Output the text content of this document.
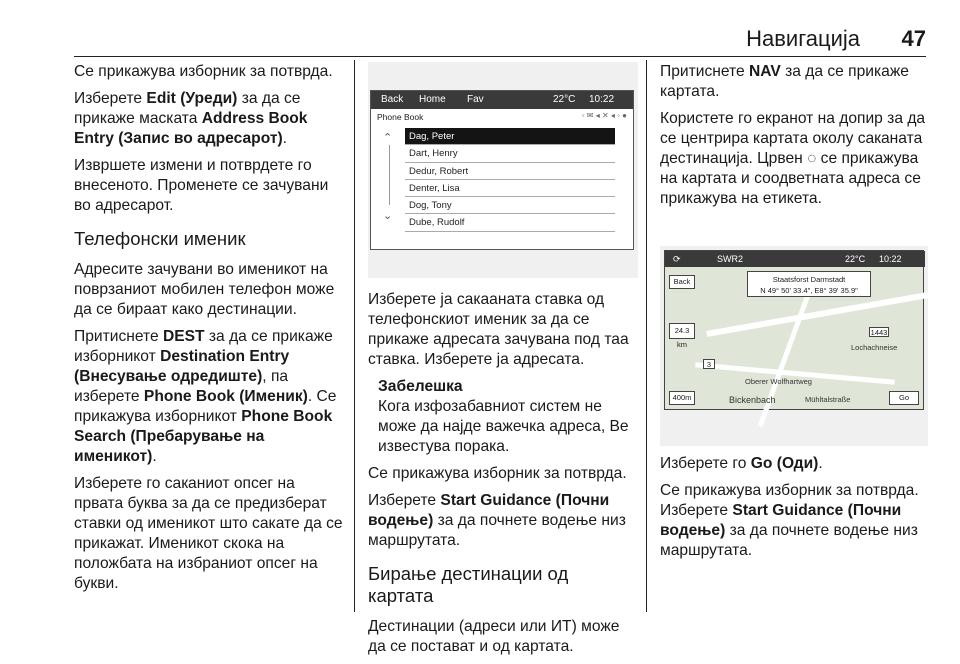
Навигација 47

Се прикажува изборник за потврда.

Изберете Edit (Уреди) за да се прикаже маската Address Book Entry (Запис во адресарот).

Извршете измени и потврдете го внесеното. Променете се зачувани во адресарот.

Телефонски именик

Адресите зачувани во именикот на поврзаниот мобилен телефон може да се бираат како дестинации.

Притиснете DEST за да се прикаже изборникот Destination Entry (Внесување одредиште), па изберете Phone Book (Именик). Се прикажува изборникот Phone Book Search (Пребарување на именикот).

Изберете го сакaниот опсег на првата буква за да се предизберат ставки од именикот што сакате да се прикажат. Именикот скока на положбата на избраниот опсег на букви.

Back Home Fav	22°C 10:22
Phone Book	◦ ✉ ◂ ✕ ◂ ◦ ●
⌃
⌄
Dag, Peter
Dart, Henry
Dedur, Robert
Denter, Lisa
Dog, Tony
Dube, Rudolf

Изберете ја сакаaната ставка од телефонскиот именик за да се прикаже адресата зачувана под таа ставка. Изберете ја адресата.

Забелешка
Кога изфозабавниот систем не може да најде важечка адреса, Ве известува порака.

Се прикажува изборник за потврда.

Изберете Start Guidance (Почни водење) за да почнете водење низ маршрутата.

Бирање дестинации од картата

Дестинации (адреси или ИТ) може да се постават и од картата.

Притиснете NAV за да се прикаже картата.

Користете го екранот на допир за да се центрира картата околу сакaната дестинација. Црвен ◌ се прикажува на картата и соодветната адреса се прикажува на етикета.

⟳	SWR2	22°C 10:22
Staatsforst Darmstadt
N 49° 50' 33.4", E8° 39' 35.9"
Back
24.3 km
400m	Go
1443
3
Lochachneise
Oberer Wolfhartweg
Bickenbach	Mühltalstraße

Изберете го Go (Оди).

Се прикажува изборник за потврда.

Изберете Start Guidance (Почни водење) за да почнете водење низ маршрутата.
